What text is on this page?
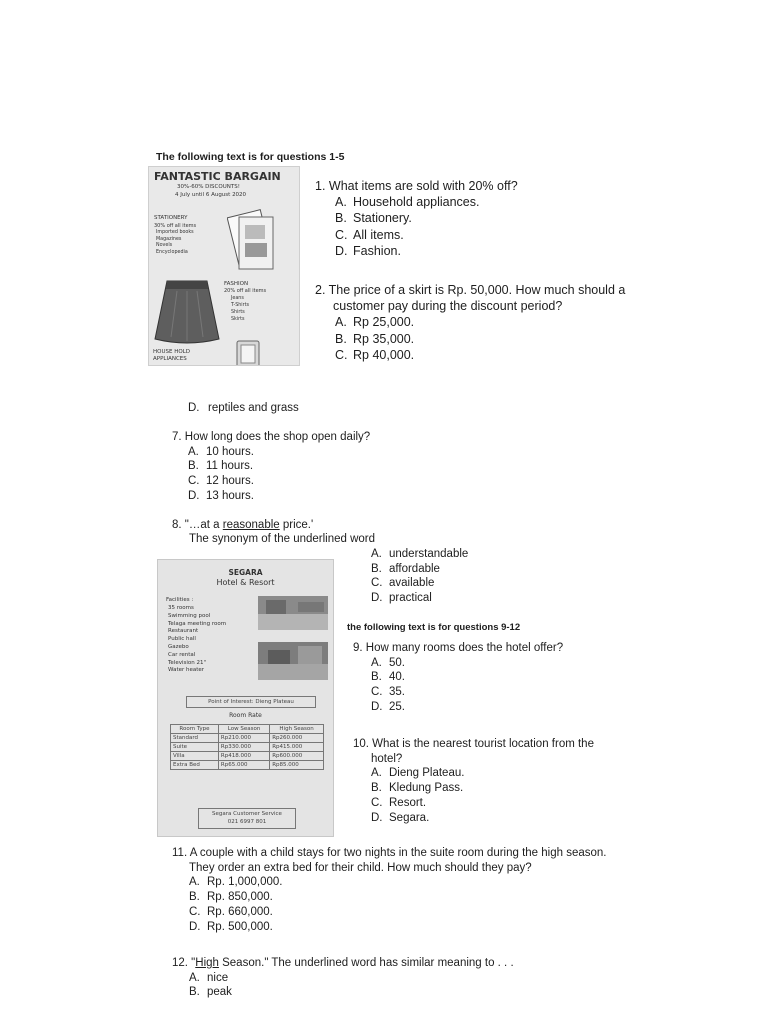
The following text is for questions 1-5
FANTASTIC BARGAIN
30%-60% DISCOUNTS!
4 July until 6 August 2020
STATIONERY
30% off all items
Imported books
Magazines
Novels
Encyclopedia
FASHION
20% off all items
Jeans
T-Shirts
Shirts
Skirts
HOUSE HOLD APPLIANCES
1. What items are sold with 20% off?
A. Household appliances.
B. Stationery.
C. All items.
D. Fashion.
2. The price of a skirt is Rp. 50,000. How much should a
customer pay during the discount period?
A. Rp 25,000.
B. Rp 35,000.
C. Rp 40,000.
D. reptiles and grass
7. How long does the shop open daily?
A. 10 hours.
B. 11 hours.
C. 12 hours.
D. 13 hours.
8. "…at a reasonable price.'
The synonym of the underlined word
A. understandable
B. affordable
C. available
D. practical
SEGARA
Hotel & Resort
Facilities :
35 rooms
Swimming pool
Telaga meeting room
Restaurant
Public hall
Gazebo
Car rental
Television 21"
Water heater
Point of Interest: Dieng Plateau
Room Rate
Room Type	Low Season	High Season
Standard	Rp210.000	Rp260.000
Suite	Rp330.000	Rp415.000
Villa	Rp418.000	Rp600.000
Extra Bed	Rp65.000	Rp85.000
Segara Customer Service
021 6997 801
the following text is for questions 9-12
9. How many rooms does the hotel offer?
A. 50.
B. 40.
C. 35.
D. 25.
10. What is the nearest tourist location from the
hotel?
A. Dieng Plateau.
B. Kledung Pass.
C. Resort.
D. Segara.
11. A couple with a child stays for two nights in the suite room during the high season.
They order an extra bed for their child. How much should they pay?
A. Rp. 1,000,000.
B. Rp. 850,000.
C. Rp. 660,000.
D. Rp. 500,000.
12. "High Season." The underlined word has similar meaning to . . .
A. nice
B. peak
